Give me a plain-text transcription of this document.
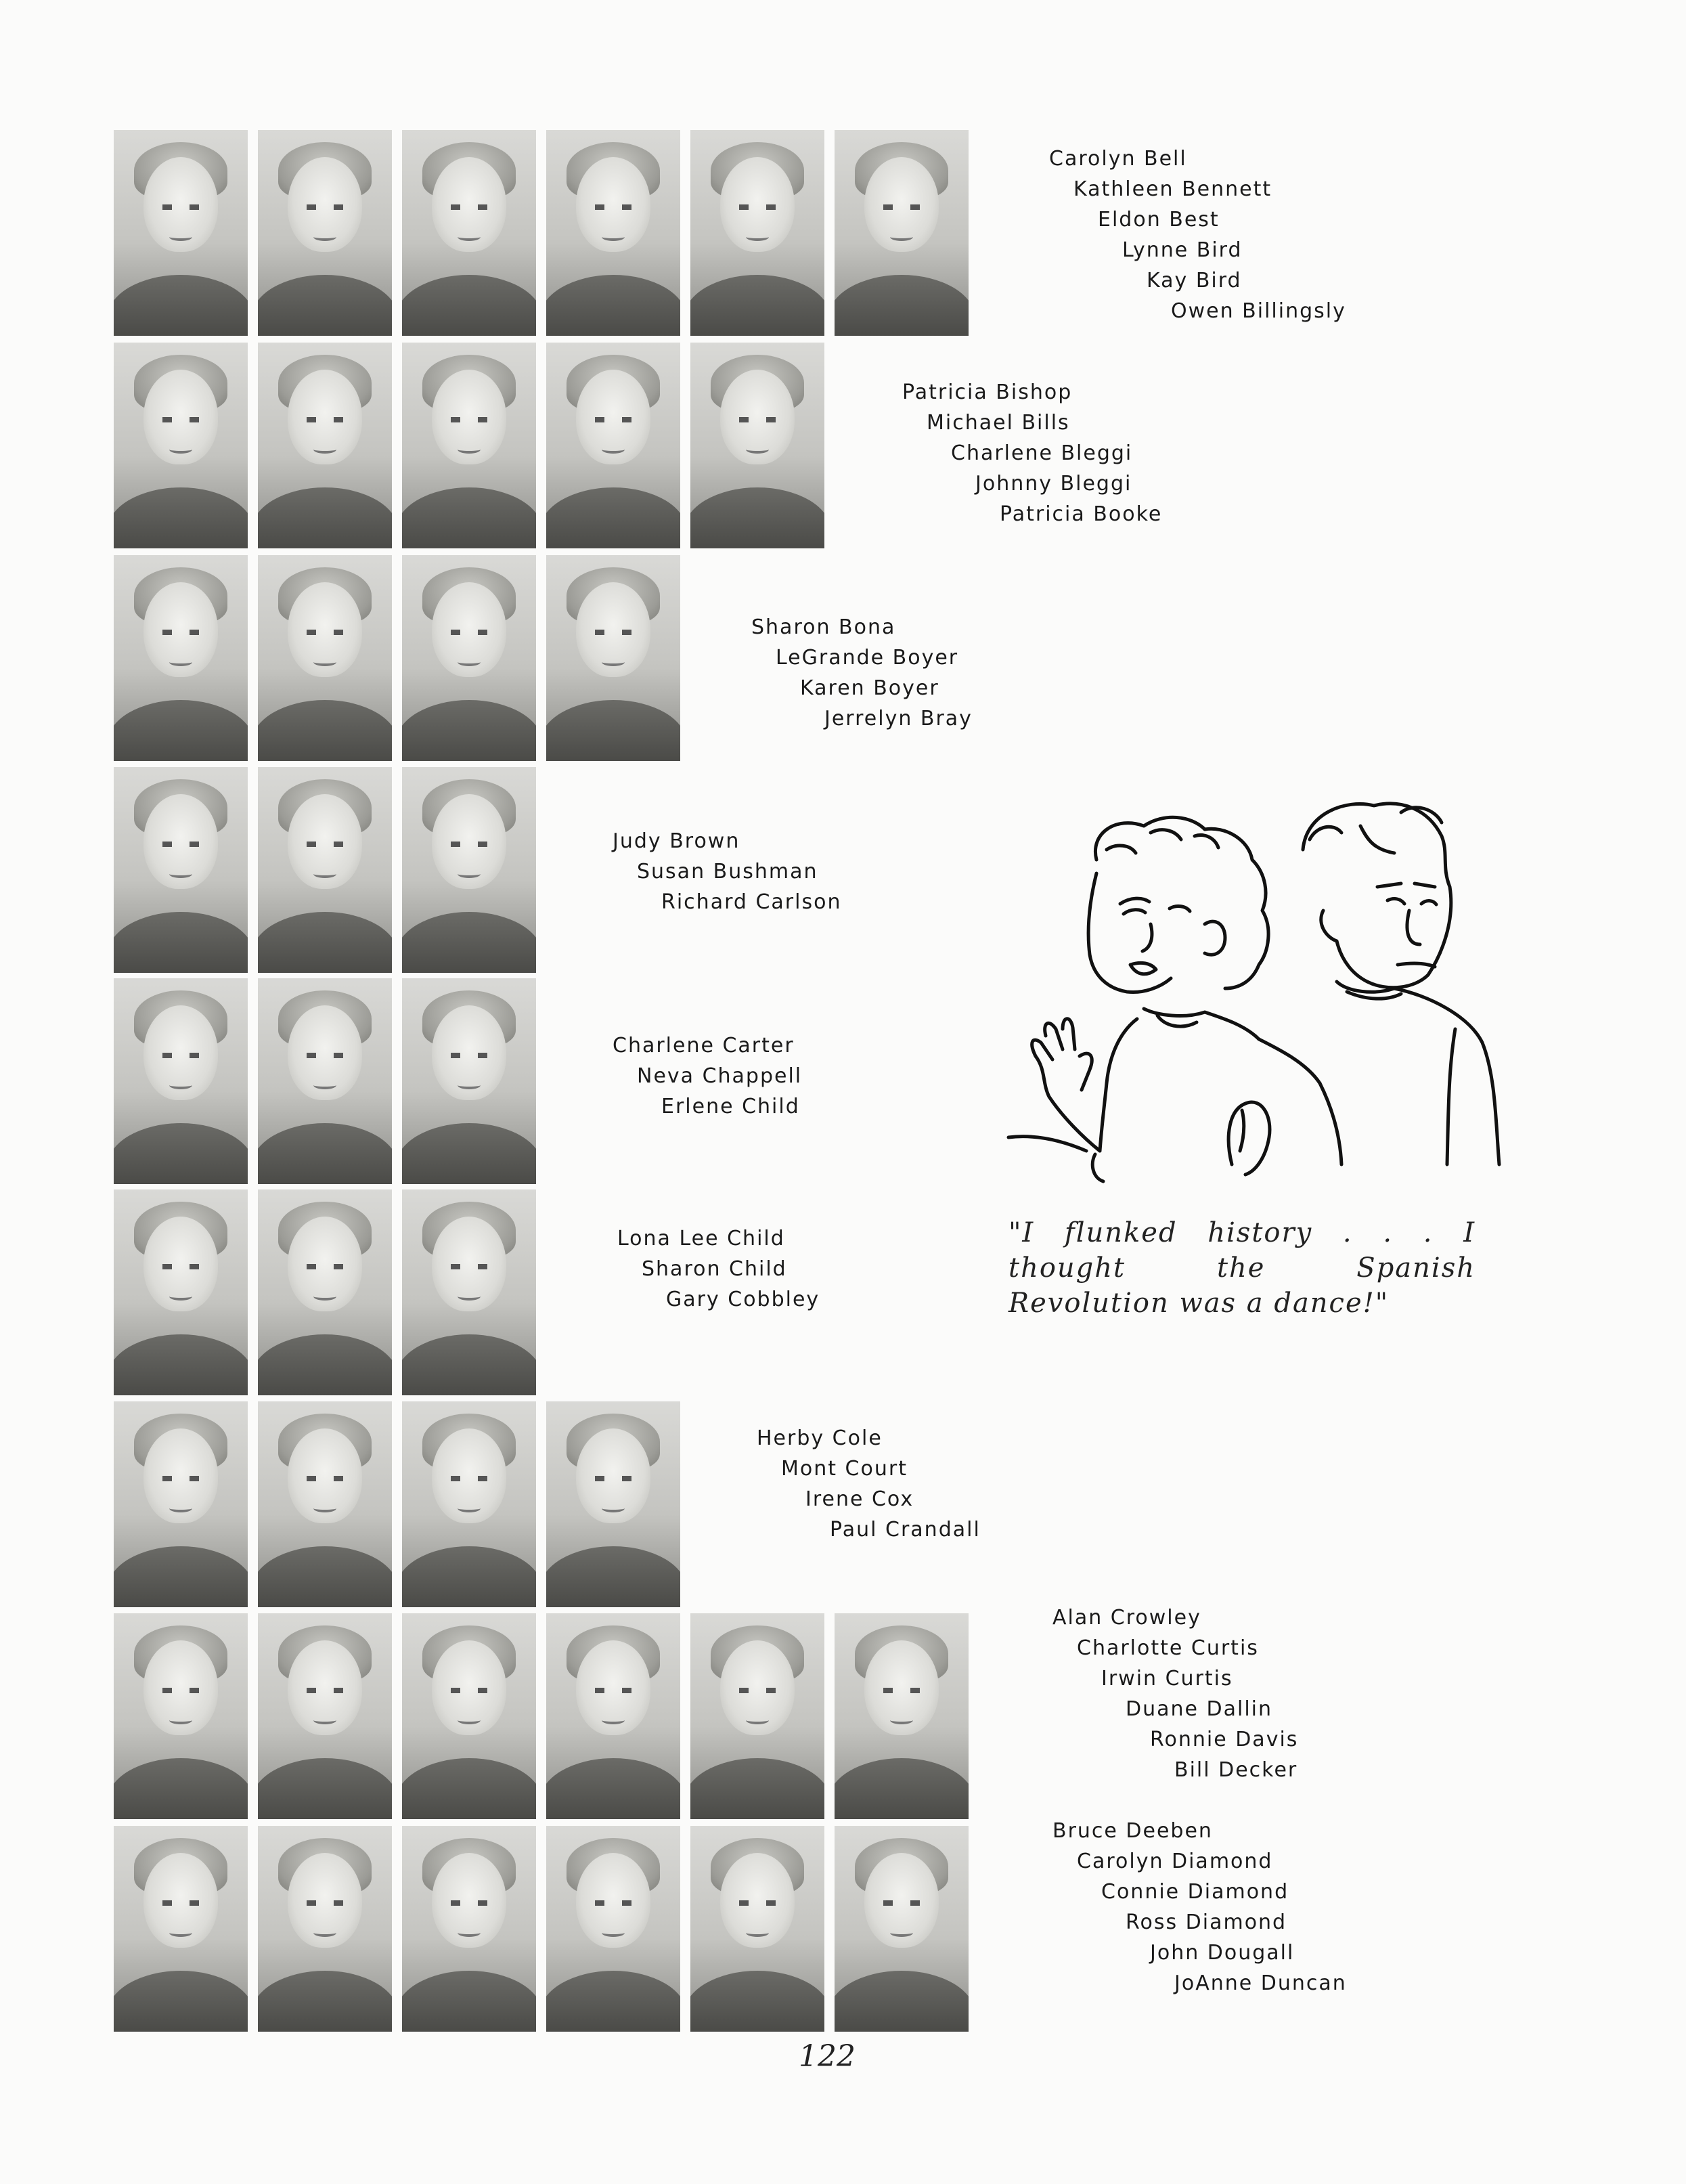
Carolyn Bell
Kathleen Bennett
Eldon Best
Lynne Bird
Kay Bird
Owen Billingsly
Patricia Bishop
Michael Bills
Charlene Bleggi
Johnny Bleggi
Patricia Booke
Sharon Bona
LeGrande Boyer
Karen Boyer
Jerrelyn Bray
Judy Brown
Susan Bushman
Richard Carlson
Charlene Carter
Neva Chappell
Erlene Child
Lona Lee Child
Sharon Child
Gary Cobbley
Herby Cole
Mont Court
Irene Cox
Paul Crandall
Alan Crowley
Charlotte Curtis
Irwin Curtis
Duane Dallin
Ronnie Davis
Bill Decker
Bruce Deeben
Carolyn Diamond
Connie Diamond
Ross Diamond
John Dougall
JoAnne Duncan
"I flunked history . . . I thought the Spanish Revolution was a dance!"
122
